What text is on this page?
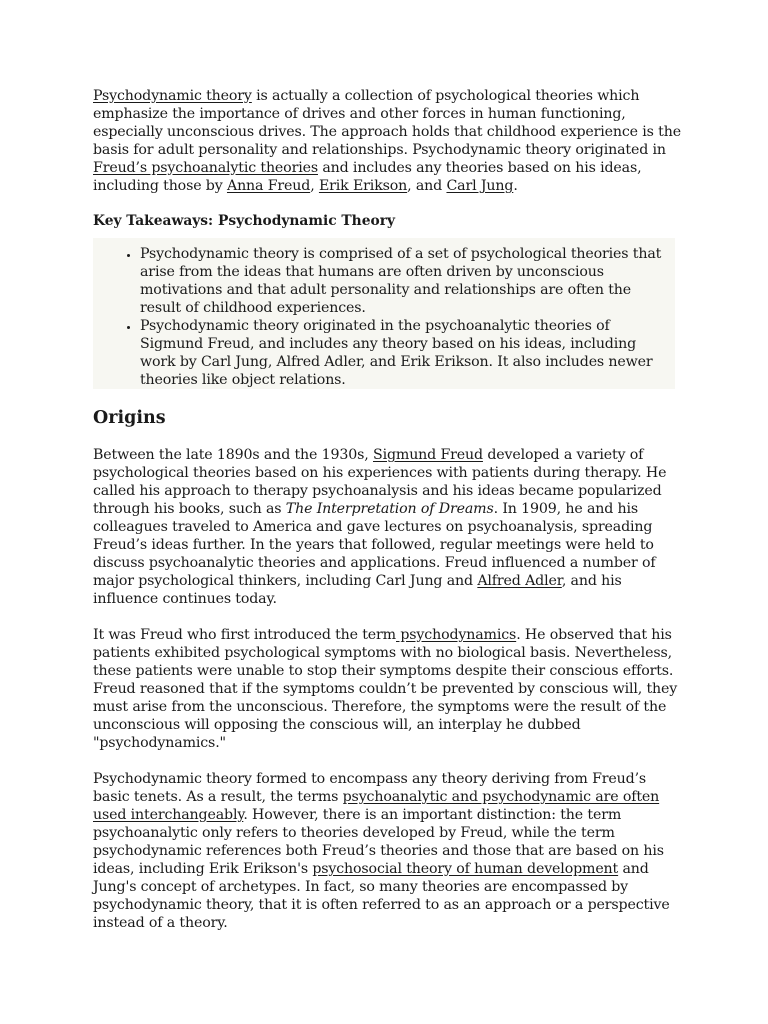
Psychodynamic theory is actually a collection of psychological theories which emphasize the importance of drives and other forces in human functioning, especially unconscious drives. The approach holds that childhood experience is the basis for adult personality and relationships. Psychodynamic theory originated in Freud’s psychoanalytic theories and includes any theories based on his ideas, including those by Anna Freud, Erik Erikson, and Carl Jung.

Key Takeaways: Psychodynamic Theory
• Psychodynamic theory is comprised of a set of psychological theories that arise from the ideas that humans are often driven by unconscious motivations and that adult personality and relationships are often the result of childhood experiences.
• Psychodynamic theory originated in the psychoanalytic theories of Sigmund Freud, and includes any theory based on his ideas, including work by Carl Jung, Alfred Adler, and Erik Erikson. It also includes newer theories like object relations.
Origins

Between the late 1890s and the 1930s, Sigmund Freud developed a variety of psychological theories based on his experiences with patients during therapy. He called his approach to therapy psychoanalysis and his ideas became popularized through his books, such as The Interpretation of Dreams. In 1909, he and his colleagues traveled to America and gave lectures on psychoanalysis, spreading Freud’s ideas further. In the years that followed, regular meetings were held to discuss psychoanalytic theories and applications. Freud influenced a number of major psychological thinkers, including Carl Jung and Alfred Adler, and his influence continues today.

It was Freud who first introduced the term psychodynamics. He observed that his patients exhibited psychological symptoms with no biological basis. Nevertheless, these patients were unable to stop their symptoms despite their conscious efforts. Freud reasoned that if the symptoms couldn’t be prevented by conscious will, they must arise from the unconscious. Therefore, the symptoms were the result of the unconscious will opposing the conscious will, an interplay he dubbed "psychodynamics."

Psychodynamic theory formed to encompass any theory deriving from Freud’s basic tenets. As a result, the terms psychoanalytic and psychodynamic are often used interchangeably. However, there is an important distinction: the term psychoanalytic only refers to theories developed by Freud, while the term psychodynamic references both Freud’s theories and those that are based on his ideas, including Erik Erikson's psychosocial theory of human development and Jung's concept of archetypes. In fact, so many theories are encompassed by psychodynamic theory, that it is often referred to as an approach or a perspective instead of a theory.
